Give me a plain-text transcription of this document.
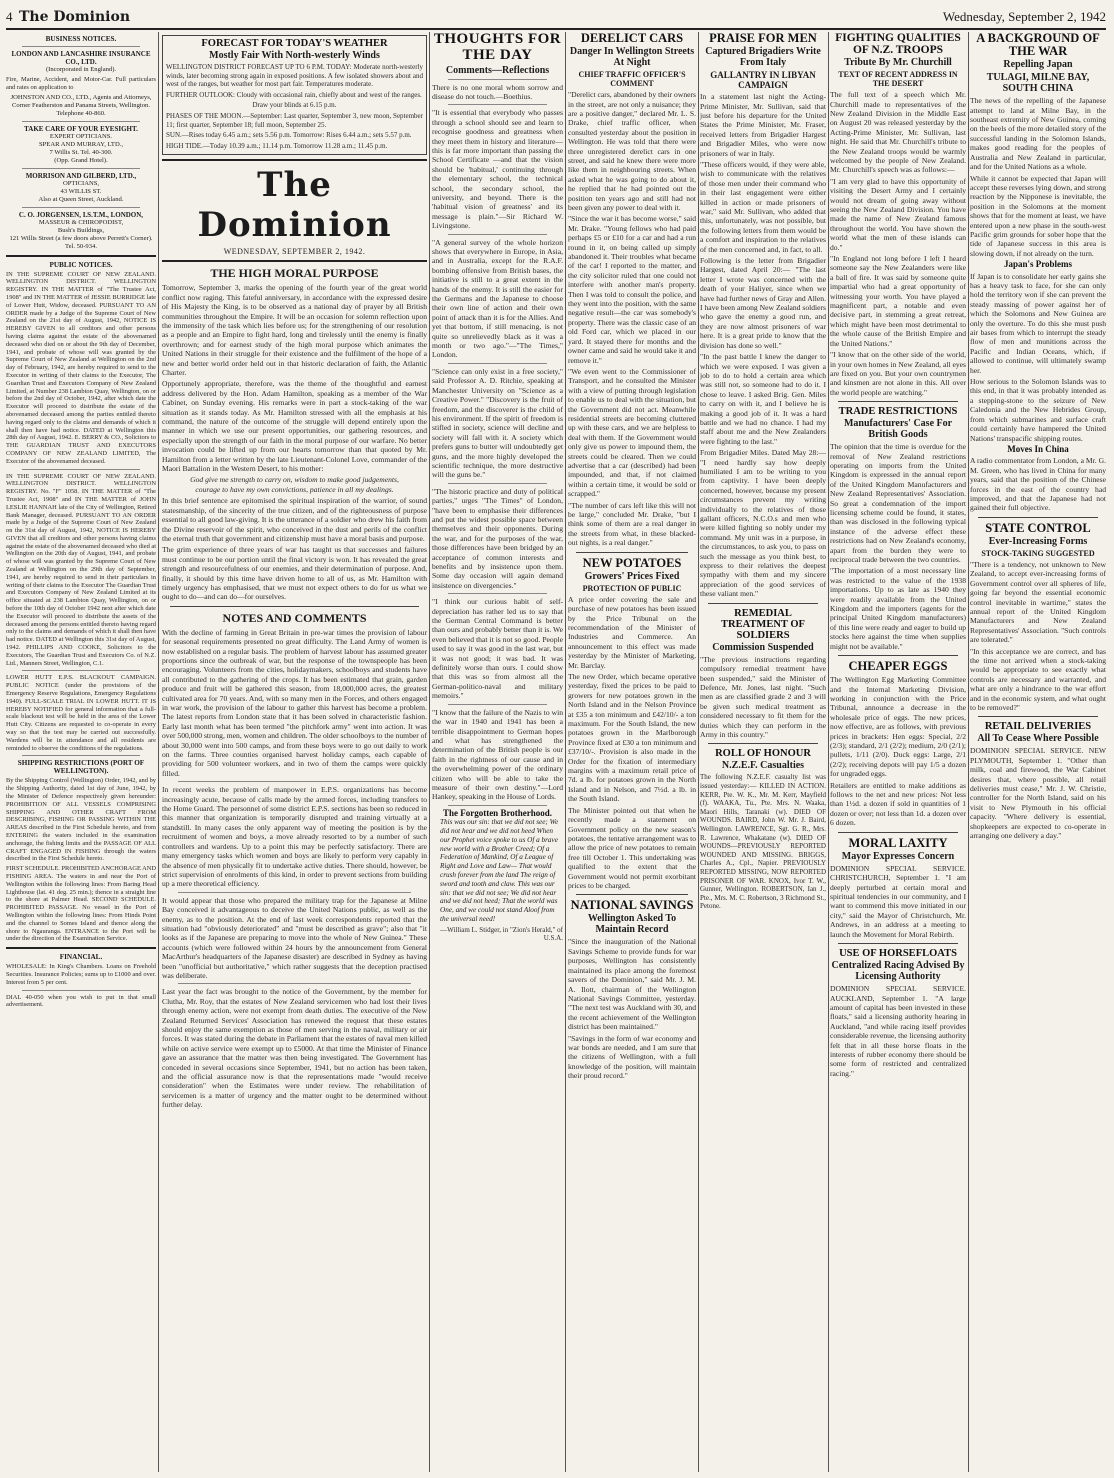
4 The Dominion	Wednesday, September 2, 1942
BUSINESS NOTICES.
LONDON AND LANCASHIRE INSURANCE CO., LTD.
(Incorporated in England).
Fire, Marine, Accident, and Motor-Car. Full particulars and rates on application to
JOHNSTON AND CO., LTD., Agents and Attorneys,
Corner Featherston and Panama Streets, Wellington. Telephone 40-860.
TAKE CARE OF YOUR EYESIGHT.
EXPERT OPTICIANS.
SPEAR AND MURRAY, LTD.,
7 Willis St. Tel. 40-300.
(Opp. Grand Hotel).
MORRISON AND GILBERD, LTD.,
OPTICIANS,
43 WILLIS ST.
Also at Queen Street, Auckland.
C. O. JORGENSEN, I.S.T.M., LONDON,
MASSEUR & CHIROPODIST,
Bush's Buildings,
121 Willis Street (a few doors above Perrett's Corner). Tel. 50-934.
PUBLIC NOTICES.
IN THE SUPREME COURT OF NEW ZEALAND. WELLINGTON DISTRICT. WELLINGTON REGISTRY. IN THE MATTER of "The Trustee Act, 1908" and IN THE MATTER of JESSIE BURRIDGE late of Lower Hutt, Widow, deceased. PURSUANT TO AN ORDER made by a Judge of the Supreme Court of New Zealand on the 21st day of August, 1942, NOTICE IS HEREBY GIVEN to all creditors and other persons having claims against the estate of the abovenamed deceased who died on or about the 9th day of December, 1941, and probate of whose will was granted by the Supreme Court of New Zealand at Wellington on the 2nd day of February, 1942, are hereby required to send to the Executor in writing of their claims to the Executor, The Guardian Trust and Executors Company of New Zealand Limited, at Number 238 Lambton Quay, Wellington, on or before the 2nd day of October, 1942, after which date the Executor will proceed to distribute the estate of the abovenamed deceased among the parties entitled thereto having regard only to the claims and demands of which it shall then have had notice. DATED at Wellington this 28th day of August, 1942. E. BERRY & CO., Solicitors to THE GUARDIAN TRUST AND EXECUTORS COMPANY OF NEW ZEALAND LIMITED, The Executor of the abovenamed deceased.
IN THE SUPREME COURT OF NEW ZEALAND. WELLINGTON DISTRICT. WELLINGTON REGISTRY. No. "F" 1058. IN THE MATTER of "The Trustee Act, 1908" and IN THE MATTER of JOHN LESLIE HANNAH late of the City of Wellington, Retired Bank Manager, deceased. PURSUANT TO AN ORDER made by a Judge of the Supreme Court of New Zealand on the 31st day of August, 1942, NOTICE IS HEREBY GIVEN that all creditors and other persons having claims against the estate of the abovenamed deceased who died at Wellington on the 20th day of August, 1941, and probate of whose will was granted by the Supreme Court of New Zealand at Wellington on the 29th day of September, 1941, are hereby required to send in their particulars in writing of their claims to the Executor The Guardian Trust and Executors Company of New Zealand Limited at its office situated at 238 Lambton Quay, Wellington, on or before the 10th day of October 1942 next after which date the Executor will proceed to distribute the assets of the deceased among the persons entitled thereto having regard only to the claims and demands of which it shall then have had notice. DATED at Wellington this 31st day of August, 1942. PHILLIPS AND COOKE, Solicitors to the Executors, The Guardian Trust and Executors Co. of N.Z. Ltd., Manners Street, Wellington, C.1.
LOWER HUTT E.P.S. BLACKOUT CAMPAIGN. PUBLIC NOTICE (under the provisions of the Emergency Reserve Regulations, Emergency Regulations 1940). FULL-SCALE TRIAL IN LOWER HUTT. IT IS HEREBY NOTIFIED for general information that a full-scale blackout test will be held in the area of the Lower Hutt City. Citizens are requested to co-operate in every way so that the test may be carried out successfully. Wardens will be in attendance and all residents are reminded to observe the conditions of the regulations.
SHIPPING RESTRICTIONS (PORT OF WELLINGTON).
By the Shipping Control (Wellington) Order, 1942, and by the Shipping Authority, dated 1st day of June, 1942, by the Minister of Defence respectively given hereunder: PROHIBITION OF ALL VESSELS COMPRISING SHIPPING AND OTHER CRAFT FROM DESCRIBING, FISHING OR PASSING WITHIN THE AREAS described in the First Schedule hereto, and from ENTERING the waters included in the examination anchorage, the fishing limits and the PASSAGE OF ALL CRAFT ENGAGED IN FISHING through the waters described in the First Schedule hereto.
FIRST SCHEDULE. PROHIBITED ANCHORAGE AND FISHING AREA. The waters in and near the Port of Wellington within the following lines: From Baring Head Lighthouse (lat. 41 deg. 25 min.); thence in a straight line to the shore at Palmer Head. SECOND SCHEDULE. PROHIBITED PASSAGE. No vessel in the Port of Wellington within the following lines: From Hinds Point and the channel to Somes Island and thence along the shore to Ngauranga. ENTRANCE to the Port will be under the direction of the Examination Service.
FINANCIAL.
WHOLESALE: In King's Chambers. Loans on Freehold Securities. Insurance Policies; sums up to £1000 and over. Interest from 5 per cent.
DIAL 40-050 when you wish to put in that small advertisement.
FORECAST FOR TODAY'S WEATHER
Mostly Fair With North-westerly Winds
WELLINGTON DISTRICT FORECAST UP TO 6 P.M. TODAY: Moderate north-westerly winds, later becoming strong again in exposed positions. A few isolated showers about and west of the ranges, but weather for most part fair. Temperatures moderate.
FURTHER OUTLOOK: Cloudy with occasional rain, chiefly about and west of the ranges.
Draw your blinds at 6.15 p.m.
PHASES OF THE MOON.—September: Last quarter, September 3, new moon, September 11; first quarter, September 18; full moon, September 25.
SUN.—Rises today 6.45 a.m.; sets 5.56 p.m. Tomorrow: Rises 6.44 a.m.; sets 5.57 p.m.
HIGH TIDE.—Today 10.39 a.m.; 11.14 p.m. Tomorrow 11.28 a.m.; 11.45 p.m.
The Dominion
WEDNESDAY, SEPTEMBER 2, 1942.
THE HIGH MORAL PURPOSE
Tomorrow, September 3, marks the opening of the fourth year of the great world conflict now raging. This fateful anniversary, in accordance with the expressed desire of His Majesty the King, is to be observed as a national day of prayer by all British communities throughout the Empire. It will be an occasion for solemn reflection upon the immensity of the task which lies before us; for the strengthening of our resolution as a people and an Empire to fight hard, long and tirelessly until the enemy is finally overthrown; and for earnest study of the high moral purpose which animates the United Nations in their struggle for their existence and the fulfilment of the hope of a new and better world order held out in that historic declaration of faith, the Atlantic Charter.
Opportunely appropriate, therefore, was the theme of the thoughtful and earnest address delivered by the Hon. Adam Hamilton, speaking as a member of the War Cabinet, on Sunday evening. His remarks were in part a stock-taking of the war situation as it stands today. As Mr. Hamilton stressed with all the emphasis at his command, the nature of the outcome of the struggle will depend entirely upon the manner in which we use our present opportunities, our gathering resources, and especially upon the strength of our faith in the moral purpose of our warfare. No better invocation could be lifted up from our hearts tomorrow than that quoted by Mr. Hamilton from a letter written by the late Lieutenant-Colonel Love, commander of the Maori Battalion in the Western Desert, to his mother:
God give me strength to carry on, wisdom to make good judgements, courage to have my own convictions, patience in all my dealings.
In this brief sentence are epitomised the spiritual inspiration of the warrior, of sound statesmanship, of the sincerity of the true citizen, and of the righteousness of purpose essential to all good law-giving. It is the utterance of a soldier who drew his faith from the Divine reservoir of the spirit, who conceived in the dust and perils of the conflict the eternal truth that government and citizenship must have a moral basis and purpose.
The grim experience of three years of war has taught us that successes and failures must continue to be our portion until the final victory is won. It has revealed the great strength and resourcefulness of our enemies, and their determination of purpose. And, finally, it should by this time have driven home to all of us, as Mr. Hamilton with timely urgency has emphasised, that we must not expect others to do for us what we ought to do—and can do—for ourselves.
NOTES AND COMMENTS
With the decline of farming in Great Britain in pre-war times the provision of labour for seasonal requirements presented no great difficulty. The Land Army of women is now established on a regular basis. The problem of harvest labour has assumed greater proportions since the outbreak of war, but the response of the townspeople has been encouraging. Volunteers from the cities, holidaymakers, schoolboys and students have all contributed to the gathering of the crops. It has been estimated that grain, garden produce and fruit will be gathered this season, from 18,000,000 acres, the greatest cultivated area for 70 years. And, with so many men in the Forces, and others engaged in war work, the provision of the labour to gather this harvest has become a problem. The latest reports from London state that it has been solved in characteristic fashion. Early last month what has been termed "the pitchfork army" went into action. It was over 500,000 strong, men, women and children. The older schoolboys to the number of about 30,000 went into 500 camps, and from these boys were to go out daily to work on the farms. Three counties organised harvest holiday camps, each capable of providing for 500 volunteer workers, and in two of them the camps were quickly filled.
In recent weeks the problem of manpower in E.P.S. organizations has become increasingly acute, because of calls made by the armed forces, including transfers to the Home Guard. The personnel of some district E.P.S. sections has been so reduced in this manner that organization is temporarily disrupted and training virtually at a standstill. In many cases the only apparent way of meeting the position is by the recruitment of women and boys, a move already resorted to by a number of such controllers and wardens. Up to a point this may be perfectly satisfactory. There are many emergency tasks which women and boys are likely to perform very capably in the absence of men physically fit to undertake active duties. There should, however, be strict supervision of enrolments of this kind, in order to prevent sections from building up a mere theoretical efficiency.
It would appear that those who prepared the military trap for the Japanese at Milne Bay conceived it advantageous to deceive the United Nations public, as well as the enemy, as to the position. At the end of last week correspondents reported that the situation had "obviously deteriorated" and "must be described as grave"; also that "it looks as if the Japanese are preparing to move into the whole of New Guinea." These accounts (which were followed within 24 hours by the announcement from General MacArthur's headquarters of the Japanese disaster) are described in Sydney as having been "unofficial but authoritative," which rather suggests that the deception practised was deliberate.
Last year the fact was brought to the notice of the Government, by the member for Clutha, Mr. Roy, that the estates of New Zealand servicemen who had lost their lives through enemy action, were not exempt from death duties. The executive of the New Zealand Returned Services' Association has renewed the request that these estates should enjoy the same exemption as those of men serving in the naval, military or air forces. It was stated during the debate in Parliament that the estates of naval men killed while on active service were exempt up to £5000. At that time the Minister of Finance gave an assurance that the matter was then being investigated. The Government has conceded in several occasions since September, 1941, but no action has been taken, and the official assurance now is that the representations made "would receive consideration" when the Estimates were under review. The rehabilitation of servicemen is a matter of urgency and the matter ought to be determined without further delay.
THOUGHTS FOR THE DAY
Comments—Reflections
There is no one moral whom sorrow and disease do not touch.—Boethius.
"It is essential that everybody who passes through a school should see and learn to recognise goodness and greatness when they meet them in history and literature—this is far more important than passing the School Certificate —and that the vision should be 'habitual,' continuing through the elementary school, the technical school, the secondary school, the university, and beyond. There is the 'habitual vision of greatness' and its message is plain."—Sir Richard W. Livingstone.
"A general survey of the whole horizon shows that everywhere in Europe, in Asia, and in Australia, except for the R.A.F. bombing offensive from British bases, the initiative is still to a great extent in the hands of the enemy. It is still the easier for the Germans and the Japanese to choose their own line of action and their own point of attack than it is for the Allies. And yet that bottom, if still menacing, is not quite so unrelievedly black as it was a month or two ago."—"The Times," London.
"Science can only exist in a free society," said Professor A. D. Ritchie, speaking at Manchester University on "Science as a Creative Power." "Discovery is the fruit of freedom, and the discoverer is the child of his environment. If the spirit of freedom is stifled in society, science will decline and society will fall with it. A society which prefers guns to butter will undoubtedly get guns, and the more highly developed the scientific technique, the more destructive will the guns be."
"The historic practice and duty of political parties," urges "The Times" of London, "have been to emphasise their differences and put the widest possible space between themselves and their opponents. During the war, and for the purposes of the war, those differences have been bridged by an acceptance of common interests and benefits and by insistence upon them. Some day occasion will again demand insistence on divergencies."
"I think our curious habit of self-depreciation has rather led us to say that the German Central Command is better than ours and probably better than it is. We even believed that it is not so good. People used to say it was good in the last war, but it was not good; it was bad. It was definitely worse than ours. I could show that this was so from almost all the German-politico-naval and military memoirs."
"I know that the failure of the Nazis to win the war in 1940 and 1941 has been a terrible disappointment to German hopes and what has strengthened the determination of the British people is our faith in the rightness of our cause and in the overwhelming power of the ordinary citizen who will be able to take the measure of their own destiny."—Lord Hankey, speaking in the House of Lords.
The Forgotten Brotherhood.
This was our sin: that we did not see; We did not hear and we did not heed When our Prophet voice spoke to us Of a brave new world with a Brother Creed; Of a Federation of Mankind, Of a League of Right and Love and Law— That would crush forever from the land The reign of sword and tooth and claw. This was our sin: that we did not see; We did not hear and we did not heed; That the world was One, and we could not stand Aloof from the universal need!
—William L. Stidger, in "Zion's Herald," of U.S.A.
DERELICT CARS
Danger In Wellington Streets At Night
CHIEF TRAFFIC OFFICER'S COMMENT
"Derelict cars, abandoned by their owners in the street, are not only a nuisance; they are a positive danger," declared Mr. L. S. Drake, chief traffic officer, when consulted yesterday about the position in Wellington. He was told that there were three unregistered derelict cars in one street, and said he knew there were more like them in neighbouring streets. When asked what he was going to do about it, he replied that he had pointed out the position ten years ago and still had not been given any power to deal with it.
"Since the war it has become worse," said Mr. Drake. "Young fellows who had paid perhaps £5 or £10 for a car and had a run round in it, on being called up simply abandoned it. Their troubles what became of the car! I reported to the matter, and the city solicitor ruled that one could not interfere with another man's property. Then I was told to consult the police, and they went into the position, with the same negative result—the car was somebody's property. There was the classic case of an old Ford car, which we placed in our yard. It stayed there for months and the owner came and said he would take it and remove it."
"We even went to the Commissioner of Transport, and he consulted the Minister with a view of putting through legislation to enable us to deal with the situation, but the Government did not act. Meanwhile residential streets are becoming cluttered up with these cars, and we are helpless to deal with them. If the Government would only give us power to impound them, the streets could be cleared. Then we could advertise that a car (described) had been impounded, and that, if not claimed within a certain time, it would be sold or scrapped."
"The number of cars left like this will not be large," concluded Mr. Drake, "but I think some of them are a real danger in the streets from what, in these blacked-out nights, is a real danger."
NEW POTATOES
Growers' Prices Fixed
PROTECTION OF PUBLIC
A price order covering the sale and purchase of new potatoes has been issued by the Price Tribunal on the recommendation of the Minister of Industries and Commerce. An announcement to this effect was made yesterday by the Minister of Marketing, Mr. Barclay.
The new Order, which became operative yesterday, fixed the prices to be paid to growers for new potatoes grown in the North Island and in the Nelson Province at £35 a ton minimum and £42/10/- a ton maximum. For the South Island, the new potatoes grown in the Marlborough Province fixed at £30 a ton minimum and £37/10/-. Provision is also made in the Order for the fixation of intermediary margins with a maximum retail price of 7d. a lb. for potatoes grown in the North Island and in Nelson, and 7½d. a lb. in the South Island.
The Minister pointed out that when he recently made a statement on Government policy on the new season's potatoes, the tentative arrangement was to allow the price of new potatoes to remain free till October 1. This undertaking was qualified to the extent that the Government would not permit exorbitant prices to be charged.
NATIONAL SAVINGS
Wellington Asked To Maintain Record
"Since the inauguration of the National Savings Scheme to provide funds for war purposes, Wellington has consistently maintained its place among the foremost savers of the Dominion," said Mr. J. M. A. Ilott, chairman of the Wellington National Savings Committee, yesterday. "The next test was Auckland with 30, and the recent achievement of the Wellington district has been maintained."
"Savings in the form of war economy and war bonds are needed, and I am sure that the citizens of Wellington, with a full knowledge of the position, will maintain their proud record."
PRAISE FOR MEN
Captured Brigadiers Write From Italy
GALLANTRY IN LIBYAN CAMPAIGN
In a statement last night the Acting-Prime Minister, Mr. Sullivan, said that just before his departure for the United States the Prime Minister, Mr. Fraser, received letters from Brigadier Hargest and Brigadier Miles, who were now prisoners of war in Italy.
"These officers would, if they were able, wish to communicate with the relatives of those men under their command who in their last engagement were either killed in action or made prisoners of war," said Mr. Sullivan, who added that this, unfortunately, was not possible, but the following letters from them would be a comfort and inspiration to the relatives of the men concerned and, in fact, to all.
Following is the letter from Brigadier Hargest, dated April 20:— "The last letter I wrote was concerned with the death of your Haliyer, since when we have had further news of Gray and Allen. I have been among New Zealand soldiers who gave the enemy a good run, and they are now almost prisoners of war here. It is a great pride to know that the division has done so well."
"In the past battle I knew the danger to which we were exposed. I was given a job to do to hold a certain area which was still not, so someone had to do it. I chose to leave. I asked Brig. Gen. Miles to carry on with it, and I believe he is making a good job of it. It was a hard battle and we had no chance. I had my staff about me and the New Zealanders were fighting to the last."
From Brigadier Miles. Dated May 28:— "I need hardly say how deeply humiliated I am to be writing to you from captivity. I have been deeply concerned, however, because my present circumstances prevent my writing individually to the relatives of those gallant officers, N.C.O.s and men who were killed fighting so nobly under my command. My unit was in a purpose, in the circumstances, to ask you, to pass on such the message as you think best, to express to their relatives the deepest sympathy with them and my sincere appreciation of the good services of these valiant men."
REMEDIAL TREATMENT OF SOLDIERS
Commission Suspended
"The previous instructions regarding compulsory remedial treatment have been suspended," said the Minister of Defence, Mr. Jones, last night. "Such men as are classified grade 2 and 3 will be given such medical treatment as considered necessary to fit them for the duties which they can perform in the Army in this country."
ROLL OF HONOUR
N.Z.E.F. Casualties
The following N.Z.E.F. casualty list was issued yesterday:— KILLED IN ACTION. KERR, Pte. W. K., Mr. M. Kerr, Mayfield (f). WAAKA, Tu., Pte. Mrs. N. Waaka, Maori Hills, Taranaki (w). DIED OF WOUNDS. BAIRD, John W. Mr. J. Baird, Wellington. LAWRENCE, Sgt. G. R., Mrs. R. Lawrence, Whakatane (w). DIED OF WOUNDS—PREVIOUSLY REPORTED WOUNDED AND MISSING. BRIGGS, Charles A., Cpl., Napier. PREVIOUSLY REPORTED MISSING, NOW REPORTED PRISONER OF WAR. KNOX, Ivor T. W., Gunner, Wellington. ROBERTSON, Ian J., Pte., Mrs. M. C. Robertson, 3 Richmond St., Petone.
FIGHTING QUALITIES OF N.Z. TROOPS
Tribute By Mr. Churchill
TEXT OF RECENT ADDRESS IN THE DESERT
The full text of a speech which Mr. Churchill made to representatives of the New Zealand Division in the Middle East on August 20 was released yesterday by the Acting-Prime Minister, Mr. Sullivan, last night. He said that Mr. Churchill's tribute to the New Zealand troops would be warmly welcomed by the people of New Zealand. Mr. Churchill's speech was as follows:—
"I am very glad to have this opportunity of visiting the Desert Army and I certainly would not dream of going away without seeing the New Zealand Division. You have made the name of New Zealand famous throughout the world. You have shown the world what the men of these islands can do."
"In England not long before I left I heard someone say the New Zealanders were like a ball of fire. It was said by someone quite impartial who had a great opportunity of witnessing your worth. You have played a magnificent part, a notable and even decisive part, in stemming a great retreat, which might have been most detrimental to the whole cause of the British Empire and the United Nations."
"I know that on the other side of the world, in your own homes in New Zealand, all eyes are fixed on you. But your own countrymen and kinsmen are not alone in this. All over the world people are watching."
TRADE RESTRICTIONS
Manufacturers' Case For British Goods
The opinion that the time is overdue for the removal of New Zealand restrictions operating on imports from the United Kingdom is expressed in the annual report of the United Kingdom Manufacturers and New Zealand Representatives' Association. So great a condemnation of the import licensing scheme could be found, it states, than was disclosed in the following typical instance of the adverse effect these restrictions had on New Zealand's economy, apart from the burden they were to reciprocal trade between the two countries.
"The importation of a most necessary line was restricted to the value of the 1938 importations. Up to as late as 1940 they were readily available from the United Kingdom and the importers (agents for the principal United Kingdom manufacturers) of this line were ready and eager to build up stocks here against the time when supplies might not be available."
CHEAPER EGGS
The Wellington Egg Marketing Committee and the Internal Marketing Division, working in conjunction with the Price Tribunal, announce a decrease in the wholesale price of eggs. The new prices, now effective, are as follows, with previous prices in brackets: Hen eggs: Special, 2/2 (2/3); standard, 2/1 (2/2); medium, 2/0 (2/1); pullets, 1/11 (2/0). Duck eggs: Large, 2/1 (2/2); receiving depots will pay 1/5 a dozen for ungraded eggs.
Retailers are entitled to make additions as follows to the net and new prices: Not less than 1½d. a dozen if sold in quantities of 1 dozen or over; not less than 1d. a dozen over 6 dozen.
MORAL LAXITY
Mayor Expresses Concern
DOMINION SPECIAL SERVICE. CHRISTCHURCH, September 1. "I am deeply perturbed at certain moral and spiritual tendencies in our community, and I want to commend this move initiated in our city," said the Mayor of Christchurch, Mr. Andrews, in an address at a meeting to launch the Movement for Moral Rebirth.
USE OF HORSEFLOATS
Centralized Racing Advised By Licensing Authority
DOMINION SPECIAL SERVICE. AUCKLAND, September 1. "A large amount of capital has been invested in these floats," said a licensing authority hearing in Auckland, "and while racing itself provides considerable revenue, the licensing authority felt that in all these horse floats in the interests of rubber economy there should be some form of restricted and centralized racing."
A BACKGROUND OF THE WAR
Repelling Japan
TULAGI, MILNE BAY, SOUTH CHINA
The news of the repelling of the Japanese attempt to land at Milne Bay, in the southeast extremity of New Guinea, coming on the heels of the more detailed story of the successful landing in the Solomon Islands, makes good reading for the peoples of Australia and New Zealand in particular, and for the United Nations as a whole.
While it cannot be expected that Japan will accept these reverses lying down, and strong reaction by the Nipponese is inevitable, the position in the Solomons at the moment shows that for the moment at least, we have entered upon a new phase in the south-west Pacific grim grounds for sober hope that the tide of Japanese success in this area is slowing down, if not already on the turn.
Japan's Problems
If Japan is to consolidate her early gains she has a heavy task to face, for she can only hold the territory won if she can prevent the steady massing of power against her of which the Solomons and New Guinea are only the overture. To do this she must push air bases from which to interrupt the steady flow of men and munitions across the Pacific and Indian Oceans, which, if allowed to continue, will ultimately swamp her.
How serious to the Solomon Islands was to this end, in that it was probably intended as a stepping-stone to the seizure of New Caledonia and the New Hebrides Group, from which submarines and surface craft could certainly have hampered the United Nations' transpacific shipping routes.
Moves In China
A radio commentator from London, a Mr. G. M. Green, who has lived in China for many years, said that the position of the Chinese forces in the east of the country had improved, and that the Japanese had not gained their full objective.
STATE CONTROL
Ever-Increasing Forms
STOCK-TAKING SUGGESTED
"There is a tendency, not unknown to New Zealand, to accept ever-increasing forms of Government control over all spheres of life, going far beyond the essential economic control inevitable in wartime," states the annual report of the United Kingdom Manufacturers and New Zealand Representatives' Association. "Such controls are tolerated."
"In this acceptance we are correct, and has the time not arrived when a stock-taking would be appropriate to see exactly what controls are necessary and warranted, and what are only a hindrance to the war effort and in the economic system, and what ought to be removed?"
RETAIL DELIVERIES
All To Cease Where Possible
DOMINION SPECIAL SERVICE. NEW PLYMOUTH, September 1. "Other than milk, coal and firewood, the War Cabinet desires that, where possible, all retail deliveries must cease," Mr. J. W. Christie, controller for the North Island, said on his visit to New Plymouth in his official capacity. "Where delivery is essential, shopkeepers are expected to co-operate in arranging one delivery a day."
